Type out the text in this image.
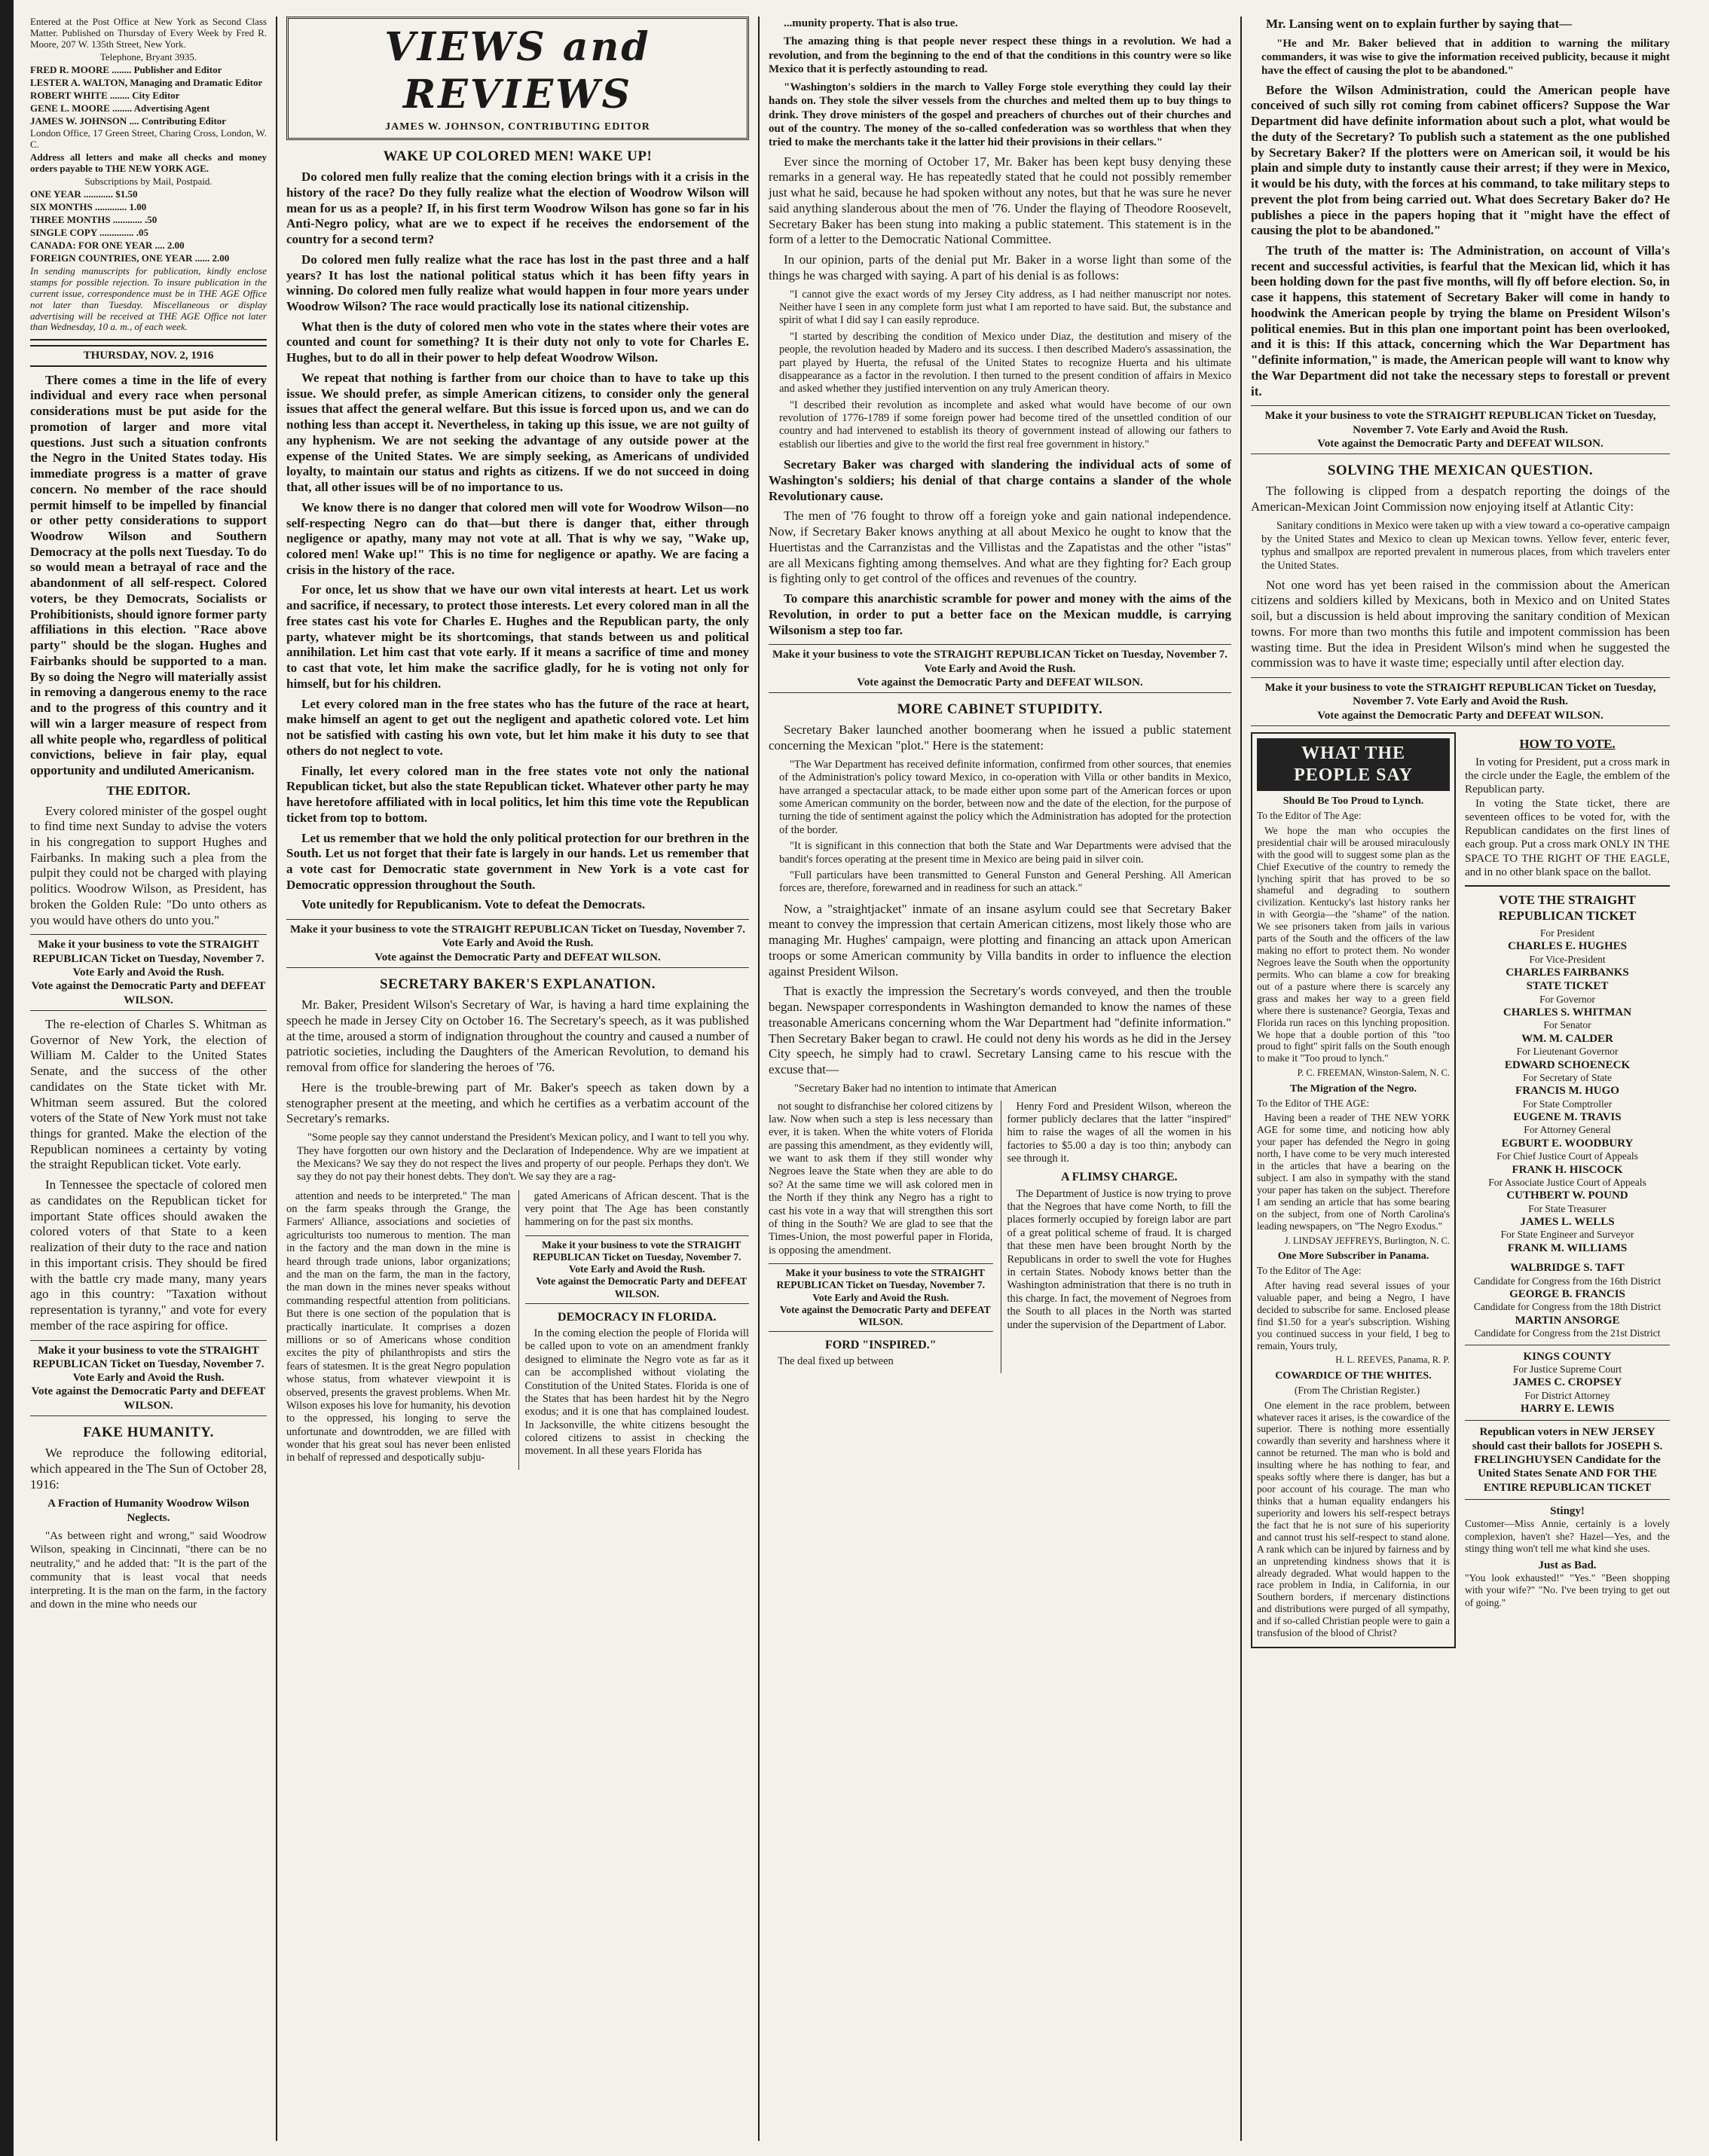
Entered at the Post Office at New York as Second Class Matter. Published on Thursday of Every Week by Fred R. Moore, 207 W. 135th Street, New York.

Telephone, Bryant 3935.

FRED R. MOORE ........ Publisher and Editor

LESTER A. WALTON, Managing and Dramatic Editor

ROBERT WHITE ........ City Editor

GENE L. MOORE ........ Advertising Agent

JAMES W. JOHNSON .... Contributing Editor

London Office, 17 Green Street, Charing Cross, London, W. C.

Address all letters and make all checks and money orders payable to THE NEW YORK AGE.

Subscriptions by Mail, Postpaid.

ONE YEAR ............ $1.50

SIX MONTHS ............. 1.00

THREE MONTHS ............ .50

SINGLE COPY .............. .05

CANADA: FOR ONE YEAR .... 2.00

FOREIGN COUNTRIES, ONE YEAR ...... 2.00

In sending manuscripts for publication, kindly enclose stamps for possible rejection. To insure publication in the current issue, correspondence must be in THE AGE Office not later than Tuesday. Miscellaneous or display advertising will be received at THE AGE Office not later than Wednesday, 10 a. m., of each week.

THURSDAY, NOV. 2, 1916

There comes a time in the life of every individual and every race when personal considerations must be put aside for the promotion of larger and more vital questions. Just such a situation confronts the Negro in the United States today. His immediate progress is a matter of grave concern. No member of the race should permit himself to be impelled by financial or other petty considerations to support Woodrow Wilson and Southern Democracy at the polls next Tuesday. To do so would mean a betrayal of race and the abandonment of all self-respect. Colored voters, be they Democrats, Socialists or Prohibitionists, should ignore former party affiliations in this election. "Race above party" should be the slogan. Hughes and Fairbanks should be supported to a man. By so doing the Negro will materially assist in removing a dangerous enemy to the race and to the progress of this country and it will win a larger measure of respect from all white people who, regardless of political convictions, believe in fair play, equal opportunity and undiluted Americanism.

THE EDITOR.

Every colored minister of the gospel ought to find time next Sunday to advise the voters in his congregation to support Hughes and Fairbanks. In making such a plea from the pulpit they could not be charged with playing politics. Woodrow Wilson, as President, has broken the Golden Rule: "Do unto others as you would have others do unto you."

Make it your business to vote the STRAIGHT REPUBLICAN Ticket on Tuesday, November 7. Vote Early and Avoid the Rush.

Vote against the Democratic Party and DEFEAT WILSON.

The re-election of Charles S. Whitman as Governor of New York, the election of William M. Calder to the United States Senate, and the success of the other candidates on the State ticket with Mr. Whitman seem assured. But the colored voters of the State of New York must not take things for granted. Make the election of the Republican nominees a certainty by voting the straight Republican ticket. Vote early.

In Tennessee the spectacle of colored men as candidates on the Republican ticket for important State offices should awaken the colored voters of that State to a keen realization of their duty to the race and nation in this important crisis. They should be fired with the battle cry made many, many years ago in this country: "Taxation without representation is tyranny," and vote for every member of the race aspiring for office.

Make it your business to vote the STRAIGHT REPUBLICAN Ticket on Tuesday, November 7. Vote Early and Avoid the Rush.

Vote against the Democratic Party and DEFEAT WILSON.

FAKE HUMANITY.

We reproduce the following editorial, which appeared in the The Sun of October 28, 1916:

A Fraction of Humanity Woodrow Wilson Neglects.

"As between right and wrong," said Woodrow Wilson, speaking in Cincinnati, "there can be no neutrality," and he added that: "It is the part of the community that is least vocal that needs interpreting. It is the man on the farm, in the factory and down in the mine who needs our

VIEWS and REVIEWS
JAMES W. JOHNSON, CONTRIBUTING EDITOR
WAKE UP COLORED MEN! WAKE UP!

Do colored men fully realize that the coming election brings with it a crisis in the history of the race? Do they fully realize what the election of Woodrow Wilson will mean for us as a people? If, in his first term Woodrow Wilson has gone so far in his Anti-Negro policy, what are we to expect if he receives the endorsement of the country for a second term?

Do colored men fully realize what the race has lost in the past three and a half years? It has lost the national political status which it has been fifty years in winning. Do colored men fully realize what would happen in four more years under Woodrow Wilson? The race would practically lose its national citizenship.

What then is the duty of colored men who vote in the states where their votes are counted and count for something? It is their duty not only to vote for Charles E. Hughes, but to do all in their power to help defeat Woodrow Wilson.

We repeat that nothing is farther from our choice than to have to take up this issue. We should prefer, as simple American citizens, to consider only the general issues that affect the general welfare. But this issue is forced upon us, and we can do nothing less than accept it. Nevertheless, in taking up this issue, we are not guilty of any hyphenism. We are not seeking the advantage of any outside power at the expense of the United States. We are simply seeking, as Americans of undivided loyalty, to maintain our status and rights as citizens. If we do not succeed in doing that, all other issues will be of no importance to us.

We know there is no danger that colored men will vote for Woodrow Wilson—no self-respecting Negro can do that—but there is danger that, either through negligence or apathy, many may not vote at all. That is why we say, "Wake up, colored men! Wake up!" This is no time for negligence or apathy. We are facing a crisis in the history of the race.

For once, let us show that we have our own vital interests at heart. Let us work and sacrifice, if necessary, to protect those interests. Let every colored man in all the free states cast his vote for Charles E. Hughes and the Republican party, the only party, whatever might be its shortcomings, that stands between us and political annihilation. Let him cast that vote early. If it means a sacrifice of time and money to cast that vote, let him make the sacrifice gladly, for he is voting not only for himself, but for his children.

Let every colored man in the free states who has the future of the race at heart, make himself an agent to get out the negligent and apathetic colored vote. Let him not be satisfied with casting his own vote, but let him make it his duty to see that others do not neglect to vote.

Finally, let every colored man in the free states vote not only the national Republican ticket, but also the state Republican ticket. Whatever other party he may have heretofore affiliated with in local politics, let him this time vote the Republican ticket from top to bottom.

Let us remember that we hold the only political protection for our brethren in the South. Let us not forget that their fate is largely in our hands. Let us remember that a vote cast for Democratic state government in New York is a vote cast for Democratic oppression throughout the South.

Vote unitedly for Republicanism. Vote to defeat the Democrats.

Make it your business to vote the STRAIGHT REPUBLICAN Ticket on Tuesday, November 7. Vote Early and Avoid the Rush.

Vote against the Democratic Party and DEFEAT WILSON.

SECRETARY BAKER'S EXPLANATION.

Mr. Baker, President Wilson's Secretary of War, is having a hard time explaining the speech he made in Jersey City on October 16. The Secretary's speech, as it was published at the time, aroused a storm of indignation throughout the country and caused a number of patriotic societies, including the Daughters of the American Revolution, to demand his removal from office for slandering the heroes of '76.

Here is the trouble-brewing part of Mr. Baker's speech as taken down by a stenographer present at the meeting, and which he certifies as a verbatim account of the Secretary's remarks.

"Some people say they cannot understand the President's Mexican policy, and I want to tell you why. They have forgotten our own history and the Declaration of Independence. Why are we impatient at the Mexicans? We say they do not respect the lives and property of our people. Perhaps they don't. We say they do not pay their honest debts. They don't. We say they are a rag-

attention and needs to be interpreted." The man on the farm speaks through the Grange, the Farmers' Alliance, associations and societies of agriculturists too numerous to mention. The man in the factory and the man down in the mine is heard through trade unions, labor organizations; and the man on the farm, the man in the factory, the man down in the mines never speaks without commanding respectful attention from politicians. But there is one section of the population that is practically inarticulate. It comprises a dozen millions or so of Americans whose condition excites the pity of philanthropists and stirs the fears of statesmen. It is the great Negro population whose status, from whatever viewpoint it is observed, presents the gravest problems. When Mr. Wilson exposes his love for humanity, his devotion to the oppressed, his longing to serve the unfortunate and downtrodden, we are filled with wonder that his great soul has never been enlisted in behalf of repressed and despotically subju-

gated Americans of African descent. That is the very point that The Age has been constantly hammering on for the past six months.

Make it your business to vote the STRAIGHT REPUBLICAN Ticket on Tuesday, November 7. Vote Early and Avoid the Rush.

Vote against the Democratic Party and DEFEAT WILSON.

DEMOCRACY IN FLORIDA.

In the coming election the people of Florida will be called upon to vote on an amendment frankly designed to eliminate the Negro vote as far as it can be accomplished without violating the Constitution of the United States. Florida is one of the States that has been hardest hit by the Negro exodus; and it is one that has complained loudest. In Jacksonville, the white citizens besought the colored citizens to assist in checking the movement. In all these years Florida has

...munity property. That is also true.

The amazing thing is that people never respect these things in a revolution. We had a revolution, and from the beginning to the end of that the conditions in this country were so like Mexico that it is perfectly astounding to read.

"Washington's soldiers in the march to Valley Forge stole everything they could lay their hands on. They stole the silver vessels from the churches and melted them up to buy things to drink. They drove ministers of the gospel and preachers of churches out of their churches and out of the country. The money of the so-called confederation was so worthless that when they tried to make the merchants take it the latter hid their provisions in their cellars."

Ever since the morning of October 17, Mr. Baker has been kept busy denying these remarks in a general way. He has repeatedly stated that he could not possibly remember just what he said, because he had spoken without any notes, but that he was sure he never said anything slanderous about the men of '76. Under the flaying of Theodore Roosevelt, Secretary Baker has been stung into making a public statement. This statement is in the form of a letter to the Democratic National Committee.

In our opinion, parts of the denial put Mr. Baker in a worse light than some of the things he was charged with saying. A part of his denial is as follows:

"I cannot give the exact words of my Jersey City address, as I had neither manuscript nor notes. Neither have I seen in any complete form just what I am reported to have said. But, the substance and spirit of what I did say I can easily reproduce.

"I started by describing the condition of Mexico under Diaz, the destitution and misery of the people, the revolution headed by Madero and its success. I then described Madero's assassination, the part played by Huerta, the refusal of the United States to recognize Huerta and his ultimate disappearance as a factor in the revolution. I then turned to the present condition of affairs in Mexico and asked whether they justified intervention on any truly American theory.

"I described their revolution as incomplete and asked what would have become of our own revolution of 1776-1789 if some foreign power had become tired of the unsettled condition of our country and had intervened to establish its theory of government instead of allowing our fathers to establish our liberties and give to the world the first real free government in history."

Secretary Baker was charged with slandering the individual acts of some of Washington's soldiers; his denial of that charge contains a slander of the whole Revolutionary cause.

The men of '76 fought to throw off a foreign yoke and gain national independence. Now, if Secretary Baker knows anything at all about Mexico he ought to know that the Huertistas and the Carranzistas and the Villistas and the Zapatistas and the other "istas" are all Mexicans fighting among themselves. And what are they fighting for? Each group is fighting only to get control of the offices and revenues of the country.

To compare this anarchistic scramble for power and money with the aims of the Revolution, in order to put a better face on the Mexican muddle, is carrying Wilsonism a step too far.

Make it your business to vote the STRAIGHT REPUBLICAN Ticket on Tuesday, November 7. Vote Early and Avoid the Rush.

Vote against the Democratic Party and DEFEAT WILSON.

MORE CABINET STUPIDITY.

Secretary Baker launched another boomerang when he issued a public statement concerning the Mexican "plot." Here is the statement:

"The War Department has received definite information, confirmed from other sources, that enemies of the Administration's policy toward Mexico, in co-operation with Villa or other bandits in Mexico, have arranged a spectacular attack, to be made either upon some part of the American forces or upon some American community on the border, between now and the date of the election, for the purpose of turning the tide of sentiment against the policy which the Administration has adopted for the protection of the border.

"It is significant in this connection that both the State and War Departments were advised that the bandit's forces operating at the present time in Mexico are being paid in silver coin.

"Full particulars have been transmitted to General Funston and General Pershing. All American forces are, therefore, forewarned and in readiness for such an attack."

Now, a "straightjacket" inmate of an insane asylum could see that Secretary Baker meant to convey the impression that certain American citizens, most likely those who are managing Mr. Hughes' campaign, were plotting and financing an attack upon American troops or some American community by Villa bandits in order to influence the election against President Wilson.

That is exactly the impression the Secretary's words conveyed, and then the trouble began. Newspaper correspondents in Washington demanded to know the names of these treasonable Americans concerning whom the War Department had "definite information." Then Secretary Baker began to crawl. He could not deny his words as he did in the Jersey City speech, he simply had to crawl. Secretary Lansing came to his rescue with the excuse that—

"Secretary Baker had no intention to intimate that American

not sought to disfranchise her colored citizens by law. Now when such a step is less necessary than ever, it is taken. When the white voters of Florida are passing this amendment, as they evidently will, we want to ask them if they still wonder why Negroes leave the State when they are able to do so? At the same time we will ask colored men in the North if they think any Negro has a right to cast his vote in a way that will strengthen this sort of thing in the South? We are glad to see that the Times-Union, the most powerful paper in Florida, is opposing the amendment.

Make it your business to vote the STRAIGHT REPUBLICAN Ticket on Tuesday, November 7. Vote Early and Avoid the Rush.

Vote against the Democratic Party and DEFEAT WILSON.

FORD "INSPIRED."

The deal fixed up between

Henry Ford and President Wilson, whereon the former publicly declares that the latter "inspired" him to raise the wages of all the women in his factories to $5.00 a day is too thin; anybody can see through it.

A FLIMSY CHARGE.

The Department of Justice is now trying to prove that the Negroes that have come North, to fill the places formerly occupied by foreign labor are part of a great political scheme of fraud. It is charged that these men have been brought North by the Republicans in order to swell the vote for Hughes in certain States. Nobody knows better than the Washington administration that there is no truth in this charge. In fact, the movement of Negroes from the South to all places in the North was started under the supervision of the Department of Labor.

Mr. Lansing went on to explain further by saying that—

"He and Mr. Baker believed that in addition to warning the military commanders, it was wise to give the information received publicity, because it might have the effect of causing the plot to be abandoned."

Before the Wilson Administration, could the American people have conceived of such silly rot coming from cabinet officers? Suppose the War Department did have definite information about such a plot, what would be the duty of the Secretary? To publish such a statement as the one published by Secretary Baker? If the plotters were on American soil, it would be his plain and simple duty to instantly cause their arrest; if they were in Mexico, it would be his duty, with the forces at his command, to take military steps to prevent the plot from being carried out. What does Secretary Baker do? He publishes a piece in the papers hoping that it "might have the effect of causing the plot to be abandoned."

The truth of the matter is: The Administration, on account of Villa's recent and successful activities, is fearful that the Mexican lid, which it has been holding down for the past five months, will fly off before election. So, in case it happens, this statement of Secretary Baker will come in handy to hoodwink the American people by trying the blame on President Wilson's political enemies. But in this plan one important point has been overlooked, and it is this: If this attack, concerning which the War Department has "definite information," is made, the American people will want to know why the War Department did not take the necessary steps to forestall or prevent it.

Make it your business to vote the STRAIGHT REPUBLICAN Ticket on Tuesday, November 7. Vote Early and Avoid the Rush.

Vote against the Democratic Party and DEFEAT WILSON.

SOLVING THE MEXICAN QUESTION.

The following is clipped from a despatch reporting the doings of the American-Mexican Joint Commission now enjoying itself at Atlantic City:

Sanitary conditions in Mexico were taken up with a view toward a co-operative campaign by the United States and Mexico to clean up Mexican towns. Yellow fever, enteric fever, typhus and smallpox are reported prevalent in numerous places, from which travelers enter the United States.

Not one word has yet been raised in the commission about the American citizens and soldiers killed by Mexicans, both in Mexico and on United States soil, but a discussion is held about improving the sanitary condition of Mexican towns. For more than two months this futile and impotent commission has been wasting time. But the idea in President Wilson's mind when he suggested the commission was to have it waste time; especially until after election day.

Make it your business to vote the STRAIGHT REPUBLICAN Ticket on Tuesday, November 7. Vote Early and Avoid the Rush.

Vote against the Democratic Party and DEFEAT WILSON.

WHAT THE PEOPLE SAY
Should Be Too Proud to Lynch.

To the Editor of The Age:

We hope the man who occupies the presidential chair will be aroused miraculously with the good will to suggest some plan as the Chief Executive of the country to remedy the lynching spirit that has proved to be so shameful and degrading to southern civilization. Kentucky's last history ranks her in with Georgia—the "shame" of the nation. We see prisoners taken from jails in various parts of the South and the officers of the law making no effort to protect them. No wonder Negroes leave the South when the opportunity permits. Who can blame a cow for breaking out of a pasture where there is scarcely any grass and makes her way to a green field where there is sustenance? Georgia, Texas and Florida run races on this lynching proposition. We hope that a double portion of this "too proud to fight" spirit falls on the South enough to make it "Too proud to lynch."

P. C. FREEMAN, Winston-Salem, N. C.

The Migration of the Negro.

To the Editor of THE AGE:

Having been a reader of THE NEW YORK AGE for some time, and noticing how ably your paper has defended the Negro in going north, I have come to be very much interested in the articles that have a bearing on the subject. I am also in sympathy with the stand your paper has taken on the subject. Therefore I am sending an article that has some bearing on the subject, from one of North Carolina's leading newspapers, on "The Negro Exodus."

J. LINDSAY JEFFREYS, Burlington, N. C.

One More Subscriber in Panama.

To the Editor of The Age:

After having read several issues of your valuable paper, and being a Negro, I have decided to subscribe for same. Enclosed please find $1.50 for a year's subscription. Wishing you continued success in your field, I beg to remain, Yours truly,

H. L. REEVES, Panama, R. P.

COWARDICE OF THE WHITES.

(From The Christian Register.)

One element in the race problem, between whatever races it arises, is the cowardice of the superior. There is nothing more essentially cowardly than severity and harshness where it cannot be returned. The man who is bold and insulting where he has nothing to fear, and speaks softly where there is danger, has but a poor account of his courage. The man who thinks that a human equality endangers his superiority and lowers his self-respect betrays the fact that he is not sure of his superiority and cannot trust his self-respect to stand alone. A rank which can be injured by fairness and by an unpretending kindness shows that it is already degraded. What would happen to the race problem in India, in California, in our Southern borders, if mercenary distinctions and distributions were purged of all sympathy, and if so-called Christian people were to gain a transfusion of the blood of Christ?

HOW TO VOTE.

In voting for President, put a cross mark in the circle under the Eagle, the emblem of the Republican party.

In voting the State ticket, there are seventeen offices to be voted for, with the Republican candidates on the first lines of each group. Put a cross mark ONLY IN THE SPACE TO THE RIGHT OF THE EAGLE, and in no other blank space on the ballot.

VOTE THE STRAIGHT REPUBLICAN TICKET

For President

CHARLES E. HUGHES

For Vice-President

CHARLES FAIRBANKS

STATE TICKET

For Governor

CHARLES S. WHITMAN

For Senator

WM. M. CALDER

For Lieutenant Governor

EDWARD SCHOENECK

For Secretary of State

FRANCIS M. HUGO

For State Comptroller

EUGENE M. TRAVIS

For Attorney General

EGBURT E. WOODBURY

For Chief Justice Court of Appeals

FRANK H. HISCOCK

For Associate Justice Court of Appeals

CUTHBERT W. POUND

For State Treasurer

JAMES L. WELLS

For State Engineer and Surveyor

FRANK M. WILLIAMS

WALBRIDGE S. TAFT

Candidate for Congress from the 16th District

GEORGE B. FRANCIS

Candidate for Congress from the 18th District

MARTIN ANSORGE

Candidate for Congress from the 21st District

KINGS COUNTY

For Justice Supreme Court

JAMES C. CROPSEY

For District Attorney

HARRY E. LEWIS

Republican voters in NEW JERSEY should cast their ballots for JOSEPH S. FRELINGHUYSEN Candidate for the United States Senate AND FOR THE ENTIRE REPUBLICAN TICKET

Stingy!

Customer—Miss Annie, certainly is a lovely complexion, haven't she? Hazel—Yes, and the stingy thing won't tell me what kind she uses.

Just as Bad.

"You look exhausted!" "Yes." "Been shopping with your wife?" "No. I've been trying to get out of going."
